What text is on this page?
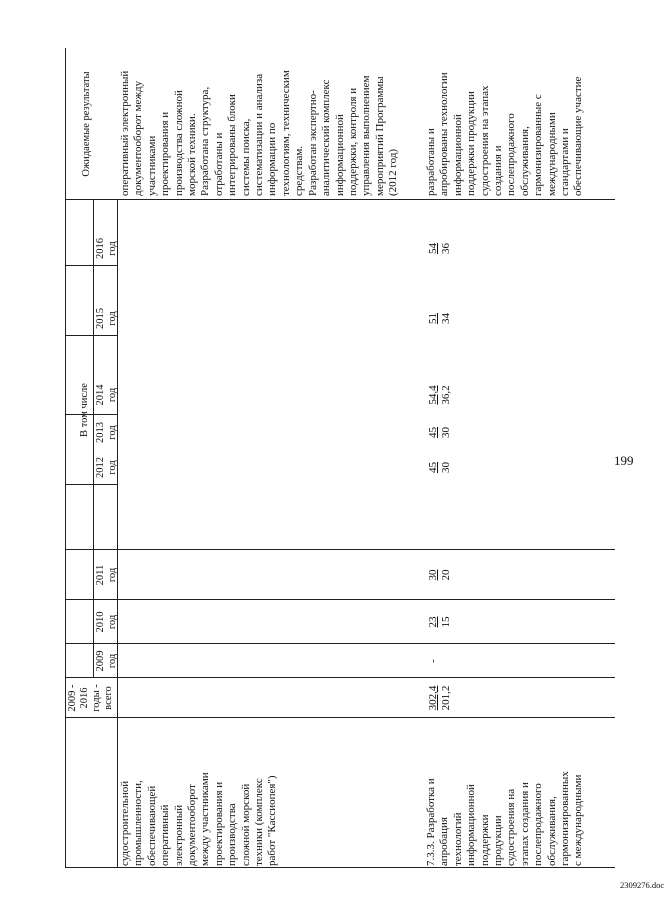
199
2309276.doc
2009 - 2016
годы - всего
В том числе
2009
год
2010
год
2011
год
2012
год
2013
год
2014
год
2015
год
2016
год
Ожидаемые результаты
судостроительной
промышленности,
обеспечивающей
оперативный
электронный
документооборот
между участниками
проектирования и
производства
сложной морской
техники (комплекс
работ "Кассиопея")
оперативный электронный
документооборот между
участниками
проектирования и
производства сложной
морской техники.
Разработана структура,
отработаны и
интегрированы блоки
системы поиска,
систематизации и анализа
информации по
технологиям, техническим
средствам.
Разработан экспертно-
аналитический комплекс
информационной
поддержки, контроля и
управления выполнением
мероприятий Программы
(2012 год)
7.3.3. Разработка и
апробация
технологий
информационной
поддержки
продукции
судостроения на
этапах создания и
послепродажного
обслуживания,
гармонизированных
с международными
302,4
201,2
-
23
15
30
20
45
30
45
30
54,4
36,2
51
34
54
36
разработаны и
апробированы технологии
информационной
поддержки продукции
судостроения на этапах
создания и
послепродажного
обслуживания,
гармонизированные с
международными
стандартами и
обеспечивающие участие
